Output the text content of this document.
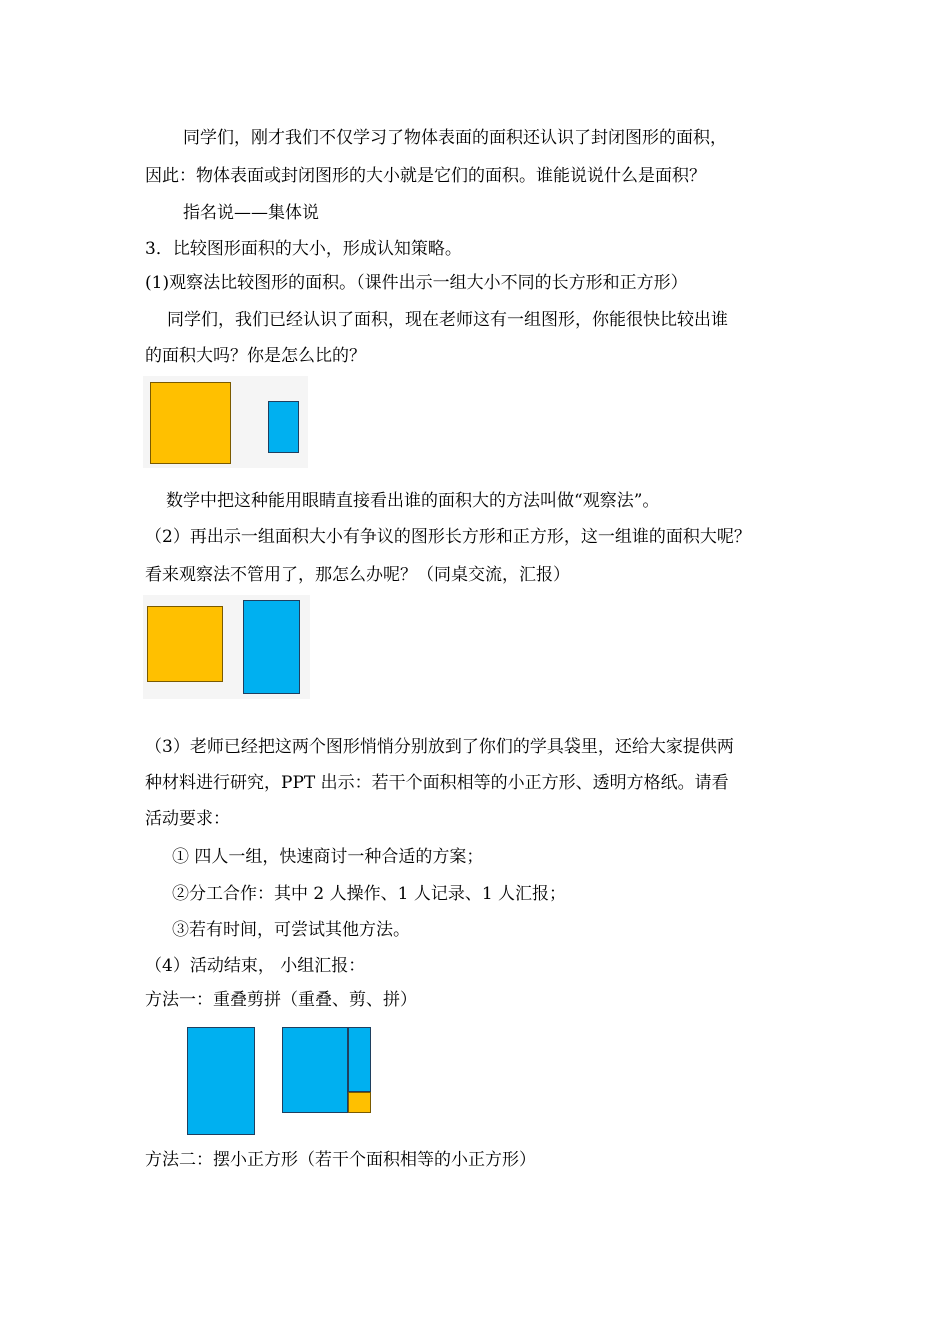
同学们，刚才我们不仅学习了物体表面的面积还认识了封闭图形的面积，
因此：物体表面或封闭图形的大小就是它们的面积。谁能说说什么是面积？
指名说——集体说
3．比较图形面积的大小，形成认知策略。
(1)观察法比较图形的面积。（课件出示一组大小不同的长方形和正方形）
同学们，我们已经认识了面积，现在老师这有一组图形，你能很快比较出谁
的面积大吗？你是怎么比的？
数学中把这种能用眼睛直接看出谁的面积大的方法叫做“观察法”。
（2）再出示一组面积大小有争议的图形长方形和正方形，这一组谁的面积大呢？
看来观察法不管用了，那怎么办呢？（同桌交流，汇报）
（3）老师已经把这两个图形悄悄分别放到了你们的学具袋里，还给大家提供两
种材料进行研究，PPT 出示：若干个面积相等的小正方形、透明方格纸。请看
活动要求：
① 四人一组，快速商讨一种合适的方案；
②分工合作：其中 2 人操作、1 人记录、1 人汇报；
③若有时间，可尝试其他方法。
（4）活动结束， 小组汇报：
方法一：重叠剪拼（重叠、剪、拼）
方法二：摆小正方形（若干个面积相等的小正方形）
